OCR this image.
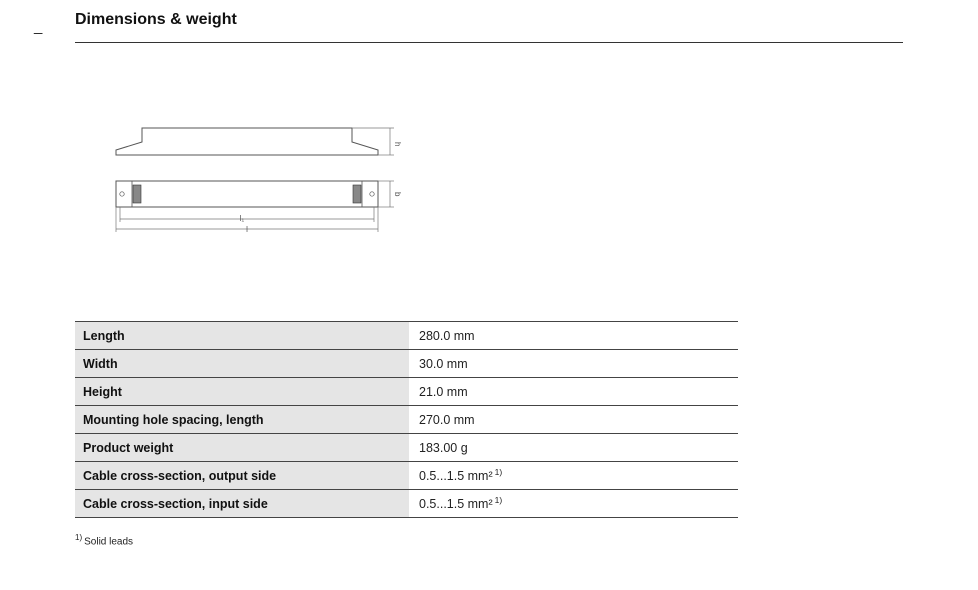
_ Dimensions & weight
h
b
l₁
l
Length	280.0 mm
Width	30.0 mm
Height	21.0 mm
Mounting hole spacing, length	270.0 mm
Product weight	183.00 g
Cable cross-section, output side	0.5...1.5 mm² $^{1)}$
Cable cross-section, input side	0.5...1.5 mm² $^{1)}$
$^{1)}$ Solid leads
